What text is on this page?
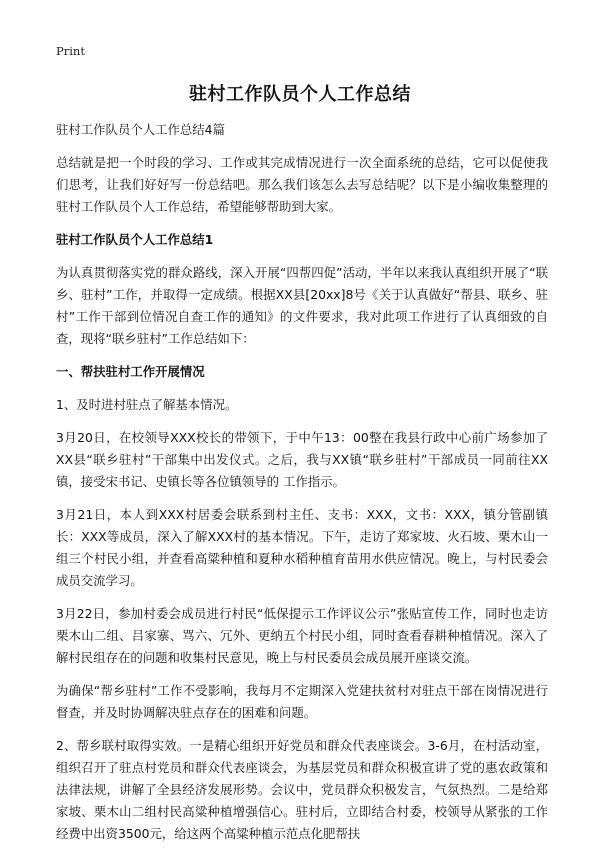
Print
驻村工作队员个人工作总结

驻村工作队员个人工作总结4篇

总结就是把一个时段的学习、工作或其完成情况进行一次全面系统的总结，它可以促使我们思考，让我们好好写一份总结吧。那么我们该怎么去写总结呢？以下是小编收集整理的驻村工作队员个人工作总结，希望能够帮助到大家。

驻村工作队员个人工作总结1

为认真贯彻落实党的群众路线，深入开展“四帮四促”活动，半年以来我认真组织开展了“联乡、驻村”工作，并取得一定成绩。根据XX县[20xx]8号《关于认真做好“帮县、联乡、驻村”工作干部到位情况自查工作的通知》的文件要求，我对此项工作进行了认真细致的自查，现将“联乡驻村”工作总结如下：

一、帮扶驻村工作开展情况

1、及时进村驻点了解基本情况。

3月20日，在校领导XXX校长的带领下，于中午13：00整在我县行政中心前广场参加了XX县“联乡驻村”干部集中出发仪式。之后，我与XX镇“联乡驻村”干部成员一同前往XX镇，接受宋书记、史镇长等各位镇领导的 工作指示。

3月21日，本人到XXX村居委会联系到村主任、支书：XXX，文书：XXX，镇分管副镇长：XXX等成员，深入了解XXX村的基本情况。下午，走访了郑家坡、火石坡、栗木山一组三个村民小组，并查看高粱种植和夏种水稻种植育苗用水供应情况。晚上，与村民委会成员交流学习。

3月22日，参加村委会成员进行村民“低保提示工作评议公示”张贴宣传工作，同时也走访栗木山二组、吕家寨、骂六、冗外、更纳五个村民小组，同时查看春耕种植情况。深入了解村民组存在的问题和收集村民意见，晚上与村民委员会成员展开座谈交流。

为确保“帮乡驻村”工作不受影响，我每月不定期深入党建扶贫村对驻点干部在岗情况进行督查，并及时协调解决驻点存在的困难和问题。

2、帮乡联村取得实效。一是精心组织开好党员和群众代表座谈会。3-6月，在村活动室，组织召开了驻点村党员和群众代表座谈会，为基层党员和群众积极宣讲了党的惠农政策和法律法规，讲解了全县经济发展形势。会议中，党员群众积极发言，气氛热烈。二是给郑家坡、栗木山二组村民高粱种植增强信心。驻村后，立即结合村委，校领导从紧张的工作经费中出资3500元，给这两个高粱种植示范点化肥帮扶
